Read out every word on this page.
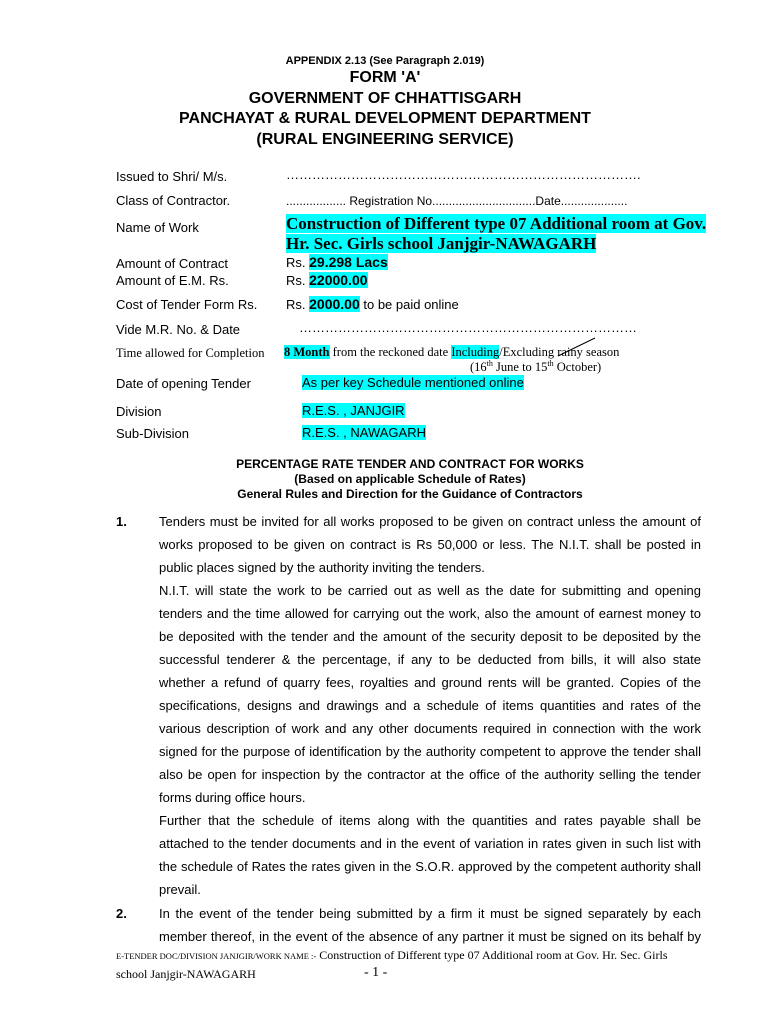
APPENDIX 2.13 (See Paragraph 2.019)
FORM 'A'
GOVERNMENT OF CHHATTISGARH
PANCHAYAT & RURAL DEVELOPMENT DEPARTMENT
(RURAL ENGINEERING SERVICE)
Issued to Shri/ M/s.	……………………………………………………………………….
Class of Contractor.	.................. Registration No...............................Date....................
Name of Work	Construction of Different type 07 Additional room at Gov.
Hr. Sec. Girls school Janjgir-NAWAGARH
Amount of Contract	Rs. 29.298 Lacs
Amount of E.M. Rs.	Rs. 22000.00
Cost of Tender Form Rs. Rs. 2000.00 to be paid online
Vide M.R. No. & Date	……………………………………………………………………
Time allowed for Completion 8 Month from the reckoned date Including/Excluding rainy season
(16th June to 15th October)
Date of opening Tender	As per key Schedule mentioned online
Division	R.E.S. , JANJGIR
Sub-Division	R.E.S. , NAWAGARH
PERCENTAGE RATE TENDER AND CONTRACT FOR WORKS
(Based on applicable Schedule of Rates)
General Rules and Direction for the Guidance of Contractors
1. Tenders must be invited for all works proposed to be given on contract unless the amount of works proposed to be given on contract is Rs 50,000 or less. The N.I.T. shall be posted in public places signed by the authority inviting the tenders.

N.I.T. will state the work to be carried out as well as the date for submitting and opening tenders and the time allowed for carrying out the work, also the amount of earnest money to be deposited with the tender and the amount of the security deposit to be deposited by the successful tenderer & the percentage, if any to be deducted from bills, it will also state whether a refund of quarry fees, royalties and ground rents will be granted. Copies of the specifications, designs and drawings and a schedule of items quantities and rates of the various description of work and any other documents required in connection with the work signed for the purpose of identification by the authority competent to approve the tender shall also be open for inspection by the contractor at the office of the authority selling the tender forms during office hours.

Further that the schedule of items along with the quantities and rates payable shall be attached to the tender documents and in the event of variation in rates given in such list with the schedule of Rates the rates given in the S.O.R. approved by the competent authority shall prevail.

2. In the event of the tender being submitted by a firm it must be signed separately by each member thereof, in the event of the absence of any partner it must be signed on its behalf by

E-TENDER DOC/DIVISION JANJGIR/WORK NAME :- Construction of Different type 07 Additional room at Gov. Hr. Sec. Girls
school Janjgir-NAWAGARH	- 1 -
